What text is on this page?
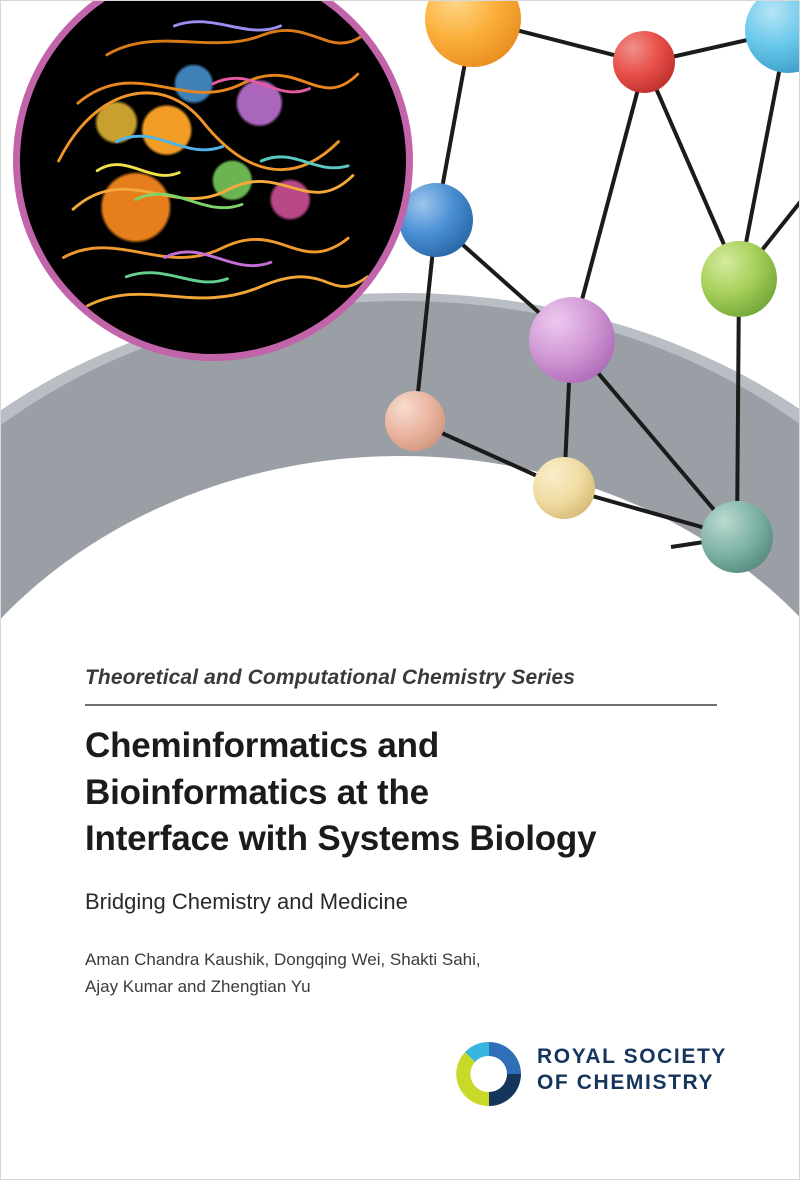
Theoretical and Computational Chemistry Series
Cheminformatics and
Bioinformatics at the
Interface with Systems Biology
Bridging Chemistry and Medicine
Aman Chandra Kaushik, Dongqing Wei, Shakti Sahi,
Ajay Kumar and Zhengtian Yu
ROYAL SOCIETY
OF CHEMISTRY
